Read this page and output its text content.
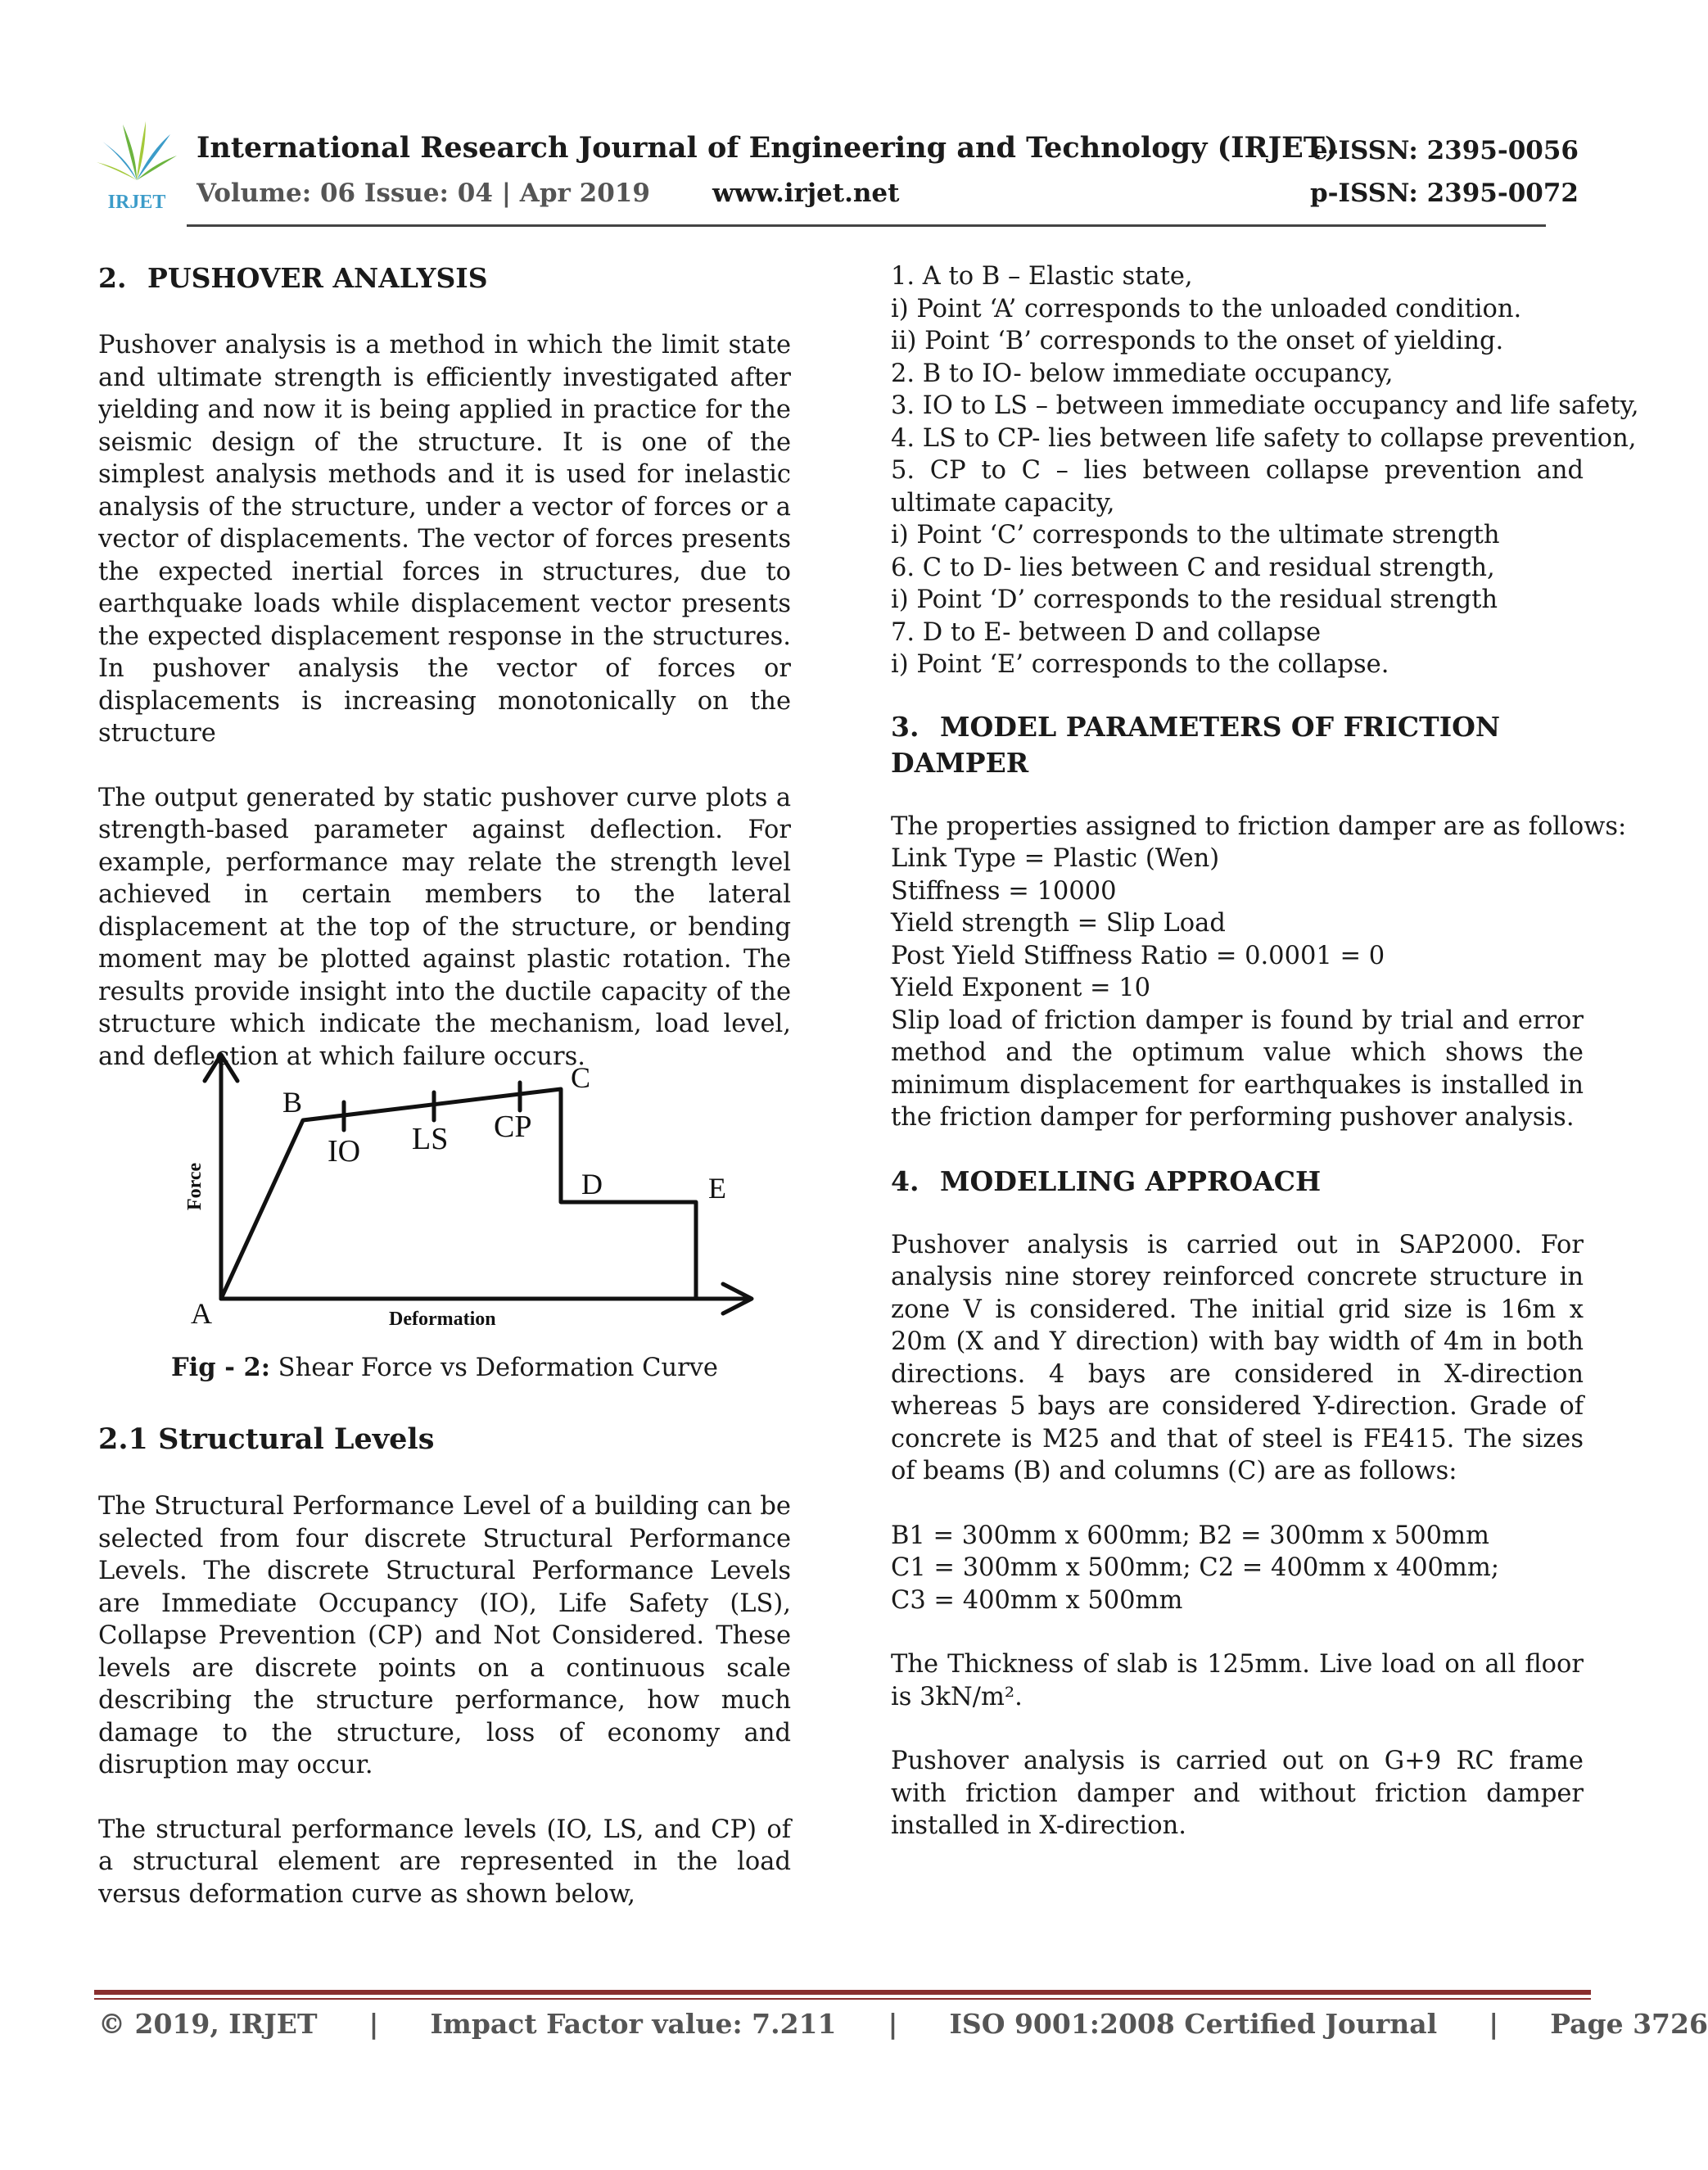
IRJET
International Research Journal of Engineering and Technology (IRJET)
Volume: 06 Issue: 04 | Apr 2019 www.irjet.net
e-ISSN: 2395-0056
p-ISSN: 2395-0072

2. PUSHOVER ANALYSIS

Pushover analysis is a method in which the limit state and ultimate strength is efficiently investigated after yielding and now it is being applied in practice for the seismic design of the structure. It is one of the simplest analysis methods and it is used for inelastic analysis of the structure, under a vector of forces or a vector of displacements. The vector of forces presents the expected inertial forces in structures, due to earthquake loads while displacement vector presents the expected displacement response in the structures. In pushover analysis the vector of forces or displacements is increasing monotonically on the structure

The output generated by static pushover curve plots a strength-based parameter against deflection. For example, performance may relate the strength level achieved in certain members to the lateral displacement at the top of the structure, or bending moment may be plotted against plastic rotation. The results provide insight into the ductile capacity of the structure which indicate the mechanism, load level, and deflection at which failure occurs.

A
B
C
D	E
IO LS CP
Deformation
Force
Fig - 2: Shear Force vs Deformation Curve

2.1 Structural Levels

The Structural Performance Level of a building can be selected from four discrete Structural Performance Levels. The discrete Structural Performance Levels are Immediate Occupancy (IO), Life Safety (LS), Collapse Prevention (CP) and Not Considered. These levels are discrete points on a continuous scale describing the structure performance, how much damage to the structure, loss of economy and disruption may occur.

The structural performance levels (IO, LS, and CP) of a structural element are represented in the load versus deformation curve as shown below,

1. A to B – Elastic state,

i) Point ‘A’ corresponds to the unloaded condition.

ii) Point ‘B’ corresponds to the onset of yielding.

2. B to IO- below immediate occupancy,

3. IO to LS – between immediate occupancy and life safety,

4. LS to CP- lies between life safety to collapse prevention,

5. CP to C – lies between collapse prevention and ultimate capacity,

i) Point ‘C’ corresponds to the ultimate strength

6. C to D- lies between C and residual strength,

i) Point ‘D’ corresponds to the residual strength

7. D to E- between D and collapse

i) Point ‘E’ corresponds to the collapse.

3. MODEL PARAMETERS OF FRICTION DAMPER

The properties assigned to friction damper are as follows:

Link Type = Plastic (Wen)

Stiffness = 10000

Yield strength = Slip Load

Post Yield Stiffness Ratio = 0.0001 = 0

Yield Exponent = 10

Slip load of friction damper is found by trial and error method and the optimum value which shows the minimum displacement for earthquakes is installed in the friction damper for performing pushover analysis.

4. MODELLING APPROACH

Pushover analysis is carried out in SAP2000. For analysis nine storey reinforced concrete structure in zone V is considered. The initial grid size is 16m x 20m (X and Y direction) with bay width of 4m in both directions. 4 bays are considered in X-direction whereas 5 bays are considered Y-direction. Grade of concrete is M25 and that of steel is FE415. The sizes of beams (B) and columns (C) are as follows:

B1 = 300mm x 600mm; B2 = 300mm x 500mm

C1 = 300mm x 500mm; C2 = 400mm x 400mm;

C3 = 400mm x 500mm

The Thickness of slab is 125mm. Live load on all floor is 3kN/m².

Pushover analysis is carried out on G+9 RC frame with friction damper and without friction damper installed in X-direction.

© 2019, IRJET | Impact Factor value: 7.211 | ISO 9001:2008 Certified Journal | Page 3726
